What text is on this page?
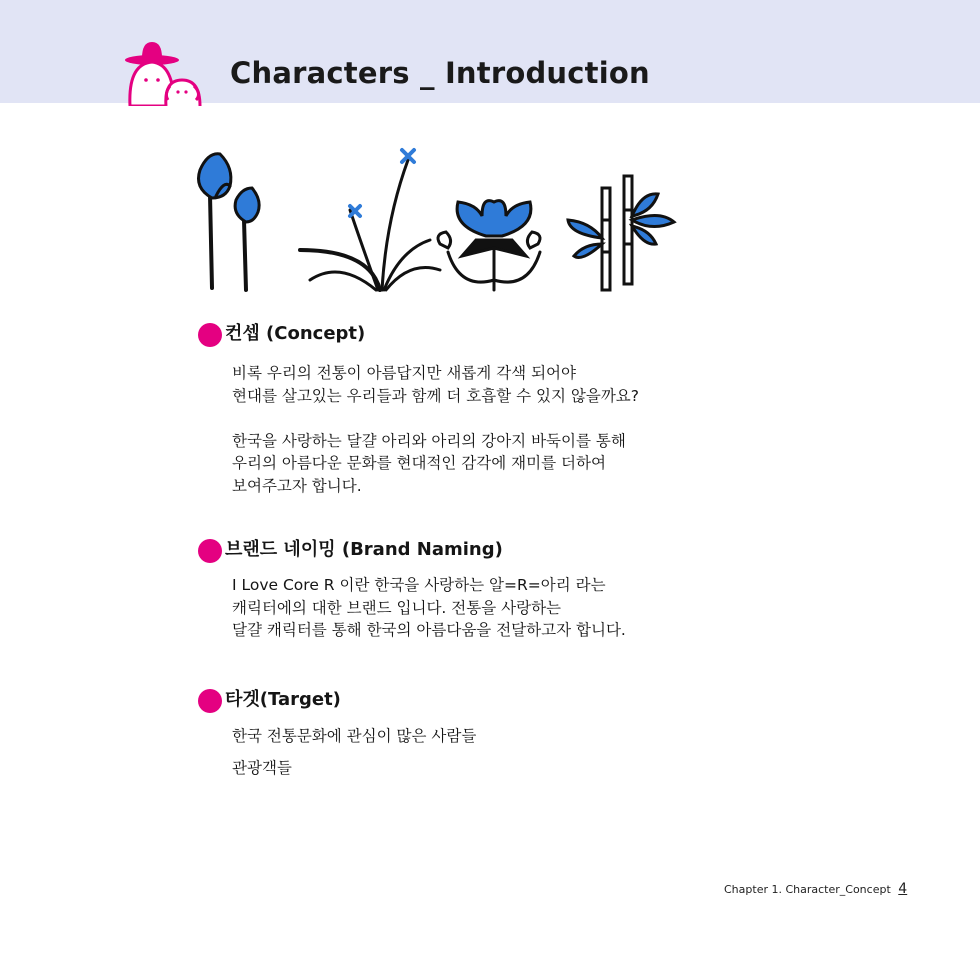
Characters _ Introduction
컨셉 (Concept)

비록 우리의 전통이 아름답지만 새롭게 각색 되어야

현대를 살고있는 우리들과 함께 더 호흡할 수 있지 않을까요?

한국을 사랑하는 달걀 아리와 아리의 강아지 바둑이를 통해

우리의 아름다운 문화를 현대적인 감각에 재미를 더하여

보여주고자 합니다.

브랜드 네이밍 (Brand Naming)

I Love Core R 이란 한국을 사랑하는 알=R=아리 라는

캐릭터에의 대한 브랜드 입니다. 전통을 사랑하는

달걀 캐릭터를 통해 한국의 아름다움을 전달하고자 합니다.

타겟(Target)

한국 전통문화에 관심이 많은 사람들

관광객들

Chapter 1. Character_Concept 4
